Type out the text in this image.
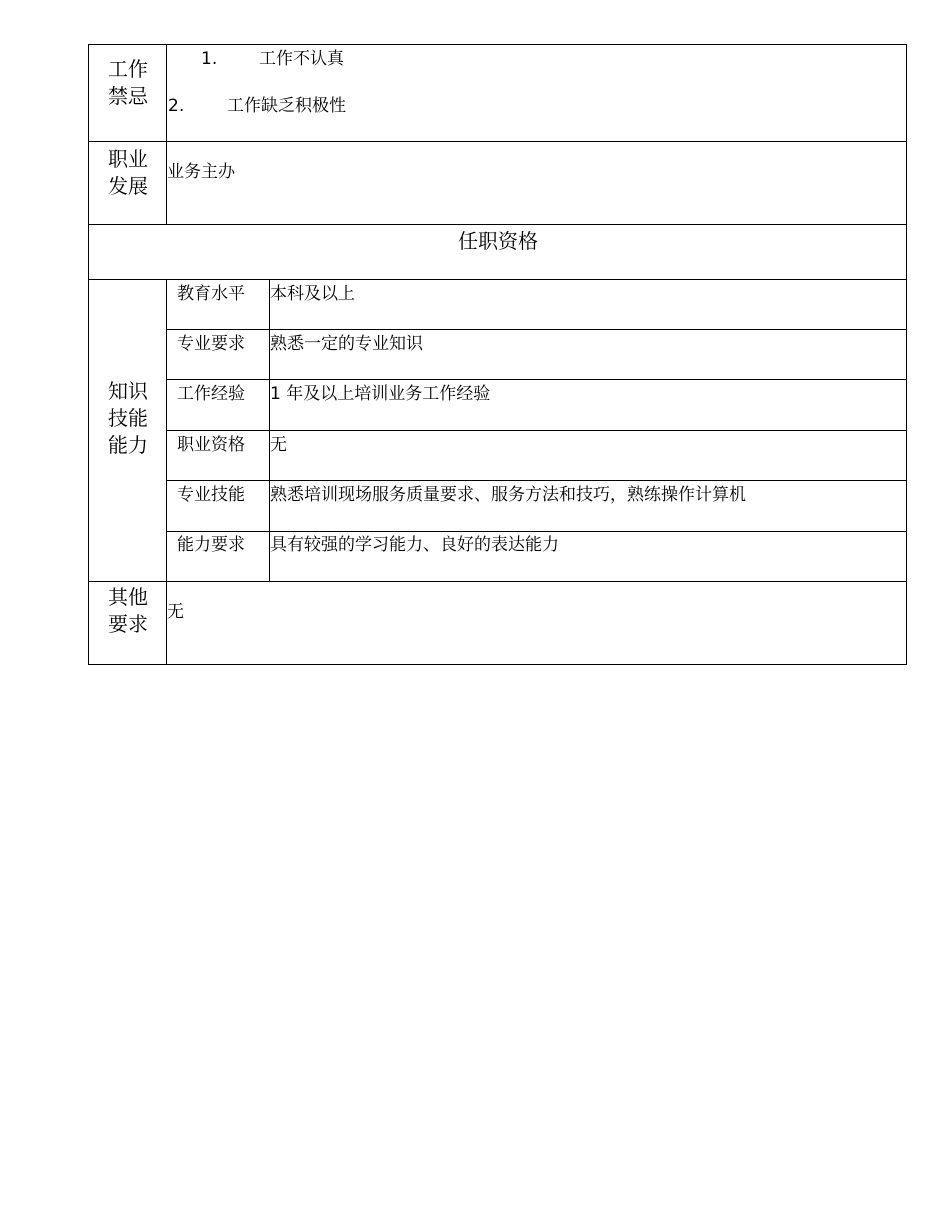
工作
禁忌
1. 工作不认真
2.	工作缺乏积极性
职业
发展
业务主办
任职资格
知识
技能
能力
教育水平 本科及以上
专业要求 熟悉一定的专业知识
工作经验 1 年及以上培训业务工作经验
职业资格 无
专业技能 熟悉培训现场服务质量要求、服务方法和技巧，熟练操作计算机
能力要求 具有较强的学习能力、良好的表达能力
其他
要求	无
